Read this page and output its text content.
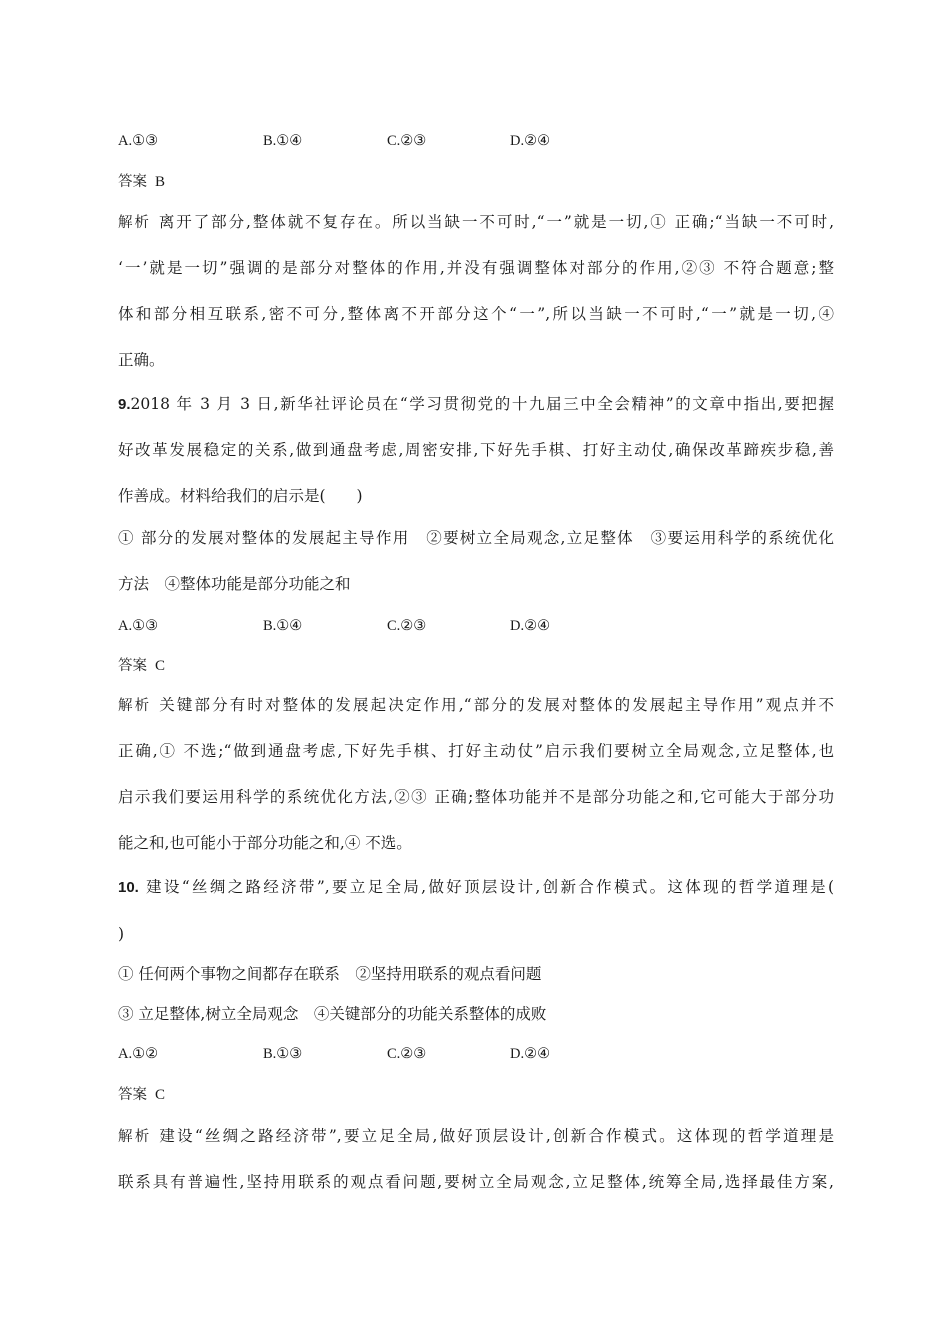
A.①③	B.①④	C.②③	D.②④
答案 B
解析 离开了部分,整体就不复存在。所以当缺一不可时,“一”就是一切,① 正确;“当缺一不可时,
‘一’就是一切”强调的是部分对整体的作用,并没有强调整体对部分的作用,②③ 不符合题意;整
体和部分相互联系,密不可分,整体离不开部分这个“一”,所以当缺一不可时,“一”就是一切,④
正确。
9.2018 年 3 月 3 日,新华社评论员在“学习贯彻党的十九届三中全会精神”的文章中指出,要把握
好改革发展稳定的关系,做到通盘考虑,周密安排,下好先手棋、打好主动仗,确保改革蹄疾步稳,善
作善成。材料给我们的启示是(　　)
① 部分的发展对整体的发展起主导作用　②要树立全局观念,立足整体　③要运用科学的系统优化
方法　④整体功能是部分功能之和
A.①③	B.①④	C.②③	D.②④
答案 C
解析 关键部分有时对整体的发展起决定作用,“部分的发展对整体的发展起主导作用”观点并不
正确,① 不选;“做到通盘考虑,下好先手棋、打好主动仗”启示我们要树立全局观念,立足整体,也
启示我们要运用科学的系统优化方法,②③ 正确;整体功能并不是部分功能之和,它可能大于部分功
能之和,也可能小于部分功能之和,④ 不选。
10. 建设“丝绸之路经济带”,要立足全局,做好顶层设计,创新合作模式。这体现的哲学道理是(
)
① 任何两个事物之间都存在联系　②坚持用联系的观点看问题
③ 立足整体,树立全局观念　④关键部分的功能关系整体的成败
A.①②	B.①③	C.②③	D.②④
答案 C
解析 建设“丝绸之路经济带”,要立足全局,做好顶层设计,创新合作模式。这体现的哲学道理是
联系具有普遍性,坚持用联系的观点看问题,要树立全局观念,立足整体,统筹全局,选择最佳方案,
